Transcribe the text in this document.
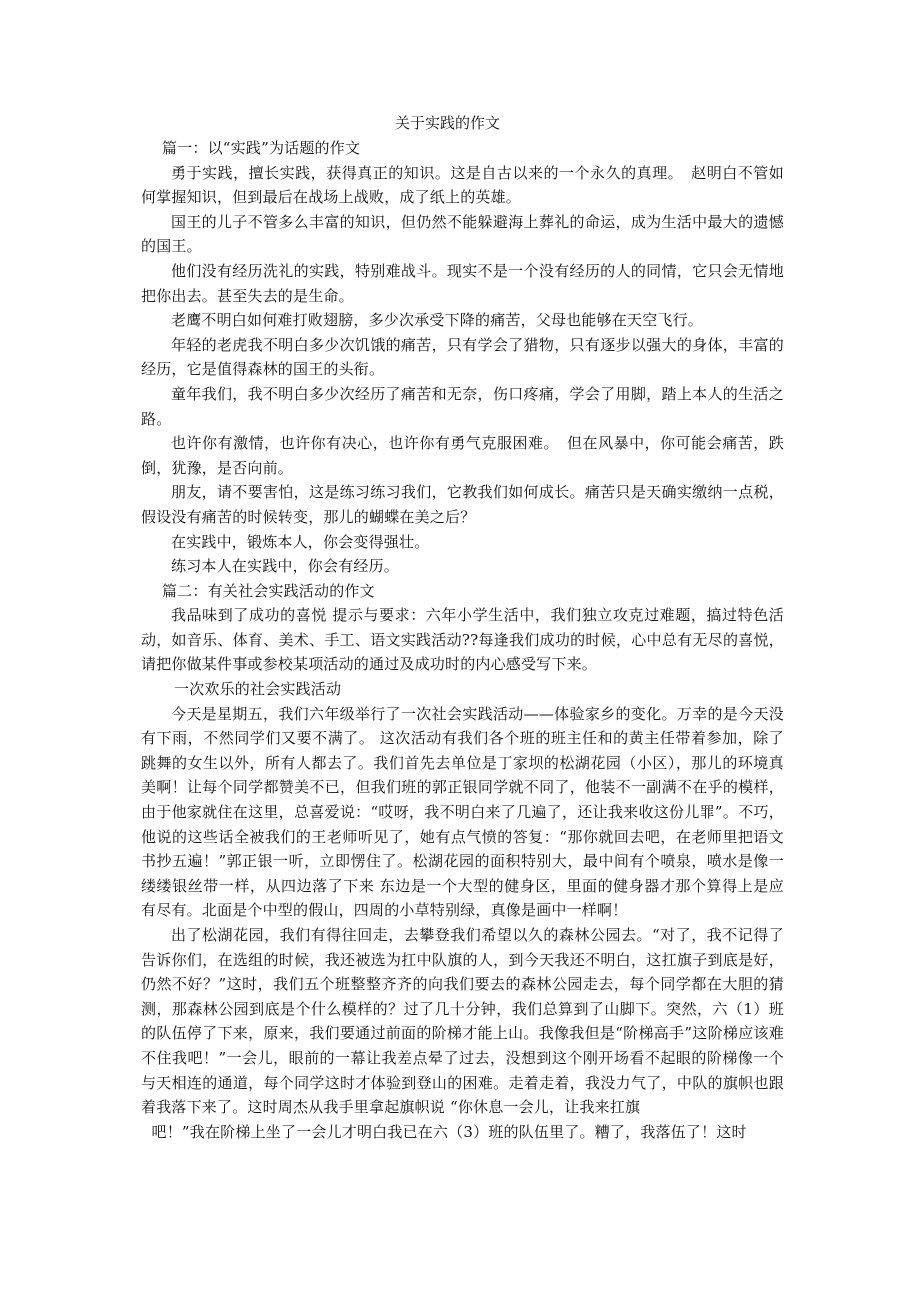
关于实践的作文

篇一：以“实践”为话题的作文

勇于实践，擅长实践，获得真正的知识。这是自古以来的一个永久的真理。　赵明白不管如何掌握知识，但到最后在战场上战败，成了纸上的英雄。

国王的儿子不管多么丰富的知识，但仍然不能躲避海上葬礼的命运，成为生活中最大的遗憾的国王。

他们没有经历洗礼的实践，特别难战斗。现实不是一个没有经历的人的同情，它只会无情地把你出去。甚至失去的是生命。

老鹰不明白如何难打败翅膀，多少次承受下降的痛苦，父母也能够在天空飞行。

年轻的老虎我不明白多少次饥饿的痛苦，只有学会了猎物，只有逐步以强大的身体，丰富的经历，它是值得森林的国王的头衔。

童年我们，我不明白多少次经历了痛苦和无奈，伤口疼痛，学会了用脚，踏上本人的生活之路。

也许你有激情，也许你有决心，也许你有勇气克服困难。　但在风暴中，你可能会痛苦，跌倒，犹豫，是否向前。

朋友，请不要害怕，这是练习练习我们，它教我们如何成长。痛苦只是天确实缴纳一点税，假设没有痛苦的时候转变，那儿的蝴蝶在美之后？

在实践中，锻炼本人，你会变得强壮。

练习本人在实践中，你会有经历。

篇二：有关社会实践活动的作文

我品味到了成功的喜悦 提示与要求：六年小学生活中，我们独立攻克过难题，搞过特色活动，如音乐、体育、美术、手工、语文实践活动??每逢我们成功的时候，心中总有无尽的喜悦，请把你做某件事或参校某项活动的通过及成功时的内心感受写下来。

一次欢乐的社会实践活动

今天是星期五，我们六年级举行了一次社会实践活动——体验家乡的变化。万幸的是今天没有下雨，不然同学们又要不满了。 这次活动有我们各个班的班主任和的黄主任带着参加，除了跳舞的女生以外，所有人都去了。我们首先去单位是丁家坝的松湖花园（小区），那儿的环境真美啊！让每个同学都赞美不已，但我们班的郭正银同学就不同了，他装不一副满不在乎的模样，由于他家就住在这里，总喜爱说：“哎呀，我不明白来了几遍了，还让我来收这份儿罪”。不巧，他说的这些话全被我们的王老师听见了，她有点气愤的答复：“那你就回去吧，在老师里把语文书抄五遍！”郭正银一听，立即愣住了。松湖花园的面积特别大，最中间有个喷泉，喷水是像一缕缕银丝带一样，从四边落了下来 东边是一个大型的健身区，里面的健身器才那个算得上是应有尽有。北面是个中型的假山，四周的小草特别绿，真像是画中一样啊！

出了松湖花园，我们有得往回走，去攀登我们希望以久的森林公园去。“对了，我不记得了告诉你们，在选组的时候，我还被选为扛中队旗的人，到今天我还不明白，这扛旗子到底是好，仍然不好？”这时，我们五个班整整齐齐的向我们要去的森林公园走去，每个同学都在大胆的猜测，那森林公园到底是个什么模样的？过了几十分钟，我们总算到了山脚下。突然，六（1）班的队伍停了下来，原来，我们要通过前面的阶梯才能上山。我像我但是“阶梯高手”这阶梯应该难不住我吧！”一会儿，眼前的一幕让我差点晕了过去，没想到这个刚开场看不起眼的阶梯像一个与天相连的通道，每个同学这时才体验到登山的困难。走着走着，我没力气了，中队的旗帜也跟着我落下来了。这时周杰从我手里拿起旗帜说 “你休息一会儿，让我来扛旗

吧！”我在阶梯上坐了一会儿才明白我已在六（3）班的队伍里了。糟了，我落伍了！这时
